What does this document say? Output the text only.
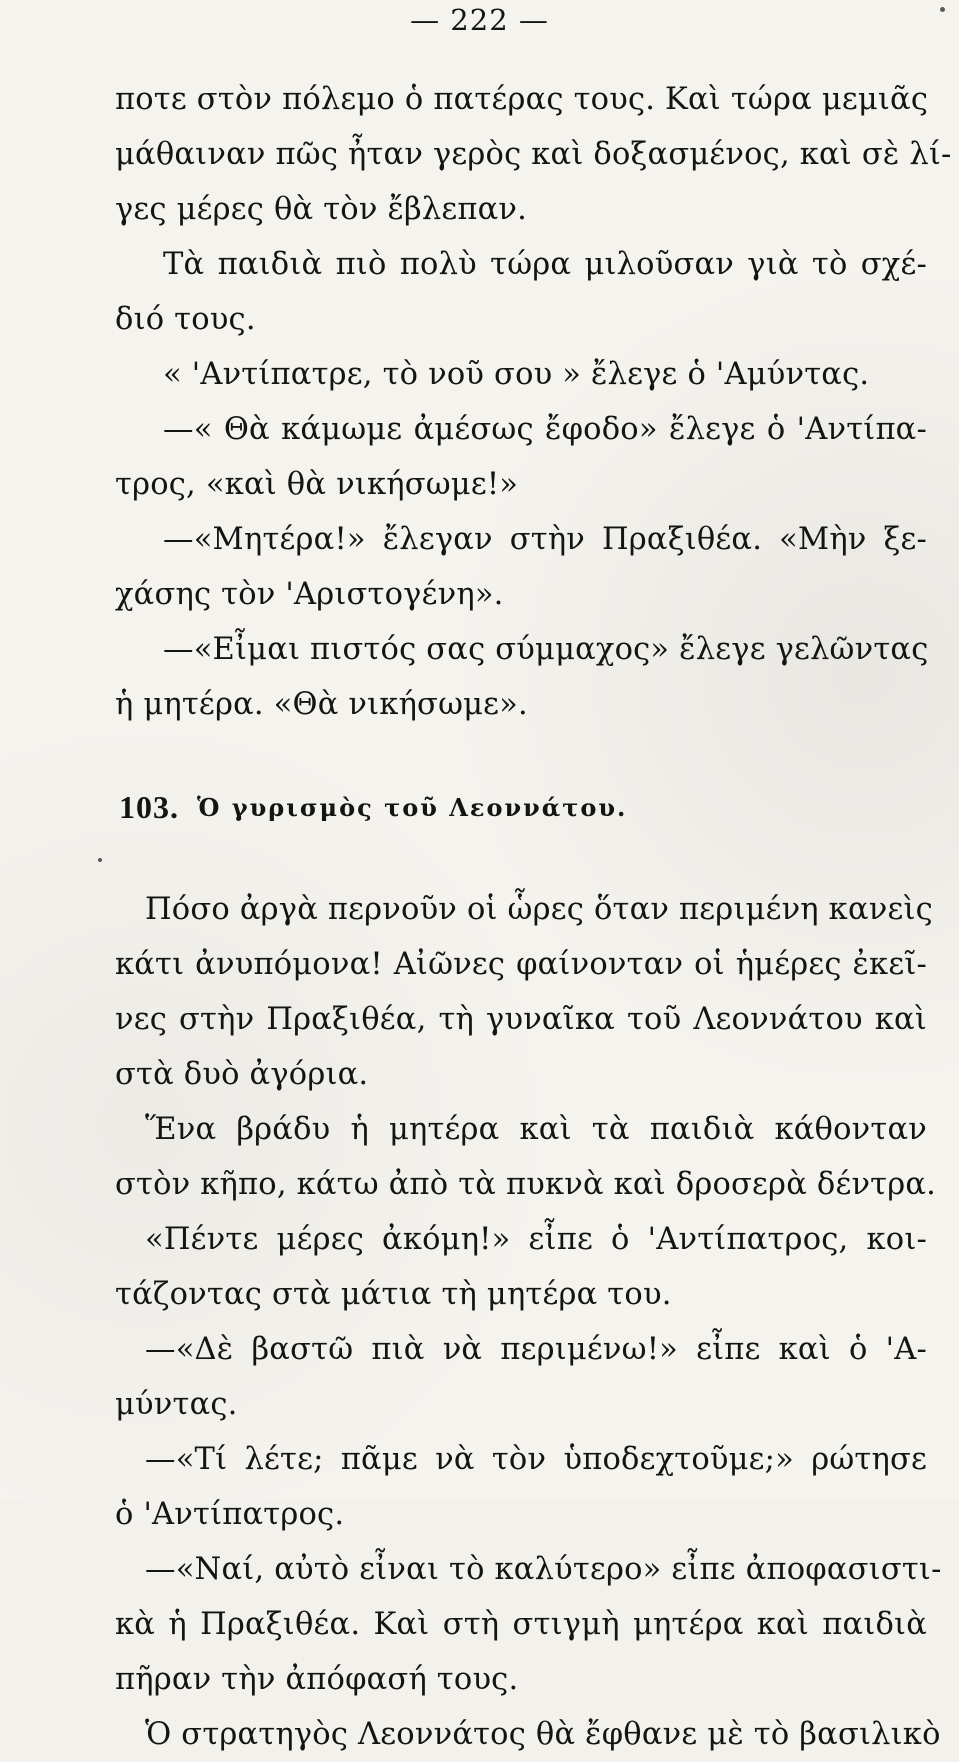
— 222 —
ποτε στὸν πόλεμο ὁ πατέρας τους. Καὶ τώρα μεμιᾶς
μάθαιναν πῶς ἦταν γερὸς καὶ δοξασμένος, καὶ σὲ λί-
γες μέρες θὰ τὸν ἔβλεπαν.
Τὰ παιδιὰ πιὸ πολὺ τώρα μιλοῦσαν γιὰ τὸ σχέ-
διό τους.
« 'Αντίπατρε, τὸ νοῦ σου » ἔλεγε ὁ 'Αμύντας.
—« Θὰ κάμωμε ἀμέσως ἔφοδο» ἔλεγε ὁ 'Αντίπα-
τρος, «καὶ θὰ νικήσωμε!»
—«Μητέρα!» ἔλεγαν στὴν Πραξιθέα. «Μὴν ξε-
χάσης τὸν 'Αριστογένη».
—«Εἶμαι πιστός σας σύμμαχος» ἔλεγε γελῶντας
ἡ μητέρα. «Θὰ νικήσωμε».
103. Ὁ γυρισμὸς τοῦ Λεοννάτου.
Πόσο ἀργὰ περνοῦν οἱ ὧρες ὅταν περιμένη κανεὶς
κάτι ἀνυπόμονα! Αἰῶνες φαίνονταν οἱ ἡμέρες ἐκεῖ-
νες στὴν Πραξιθέα, τὴ γυναῖκα τοῦ Λεοννάτου καὶ
στὰ δυὸ ἀγόρια.
Ἕνα βράδυ ἡ μητέρα καὶ τὰ παιδιὰ κάθονταν
στὸν κῆπο, κάτω ἀπὸ τὰ πυκνὰ καὶ δροσερὰ δέντρα.
«Πέντε μέρες ἀκόμη!» εἶπε ὁ 'Αντίπατρος, κοι-
τάζοντας στὰ μάτια τὴ μητέρα του.
—«Δὲ βαστῶ πιὰ νὰ περιμένω!» εἶπε καὶ ὁ 'Α-
μύντας.
—«Τί λέτε; πᾶμε νὰ τὸν ὑποδεχτοῦμε;» ρώτησε
ὁ 'Αντίπατρος.
—«Ναί, αὐτὸ εἶναι τὸ καλύτερο» εἶπε ἀποφασιστι-
κὰ ἡ Πραξιθέα. Καὶ στὴ στιγμὴ μητέρα καὶ παιδιὰ
πῆραν τὴν ἀπόφασή τους.
Ὁ στρατηγὸς Λεοννάτος θὰ ἔφθανε μὲ τὸ βασιλικὸ
